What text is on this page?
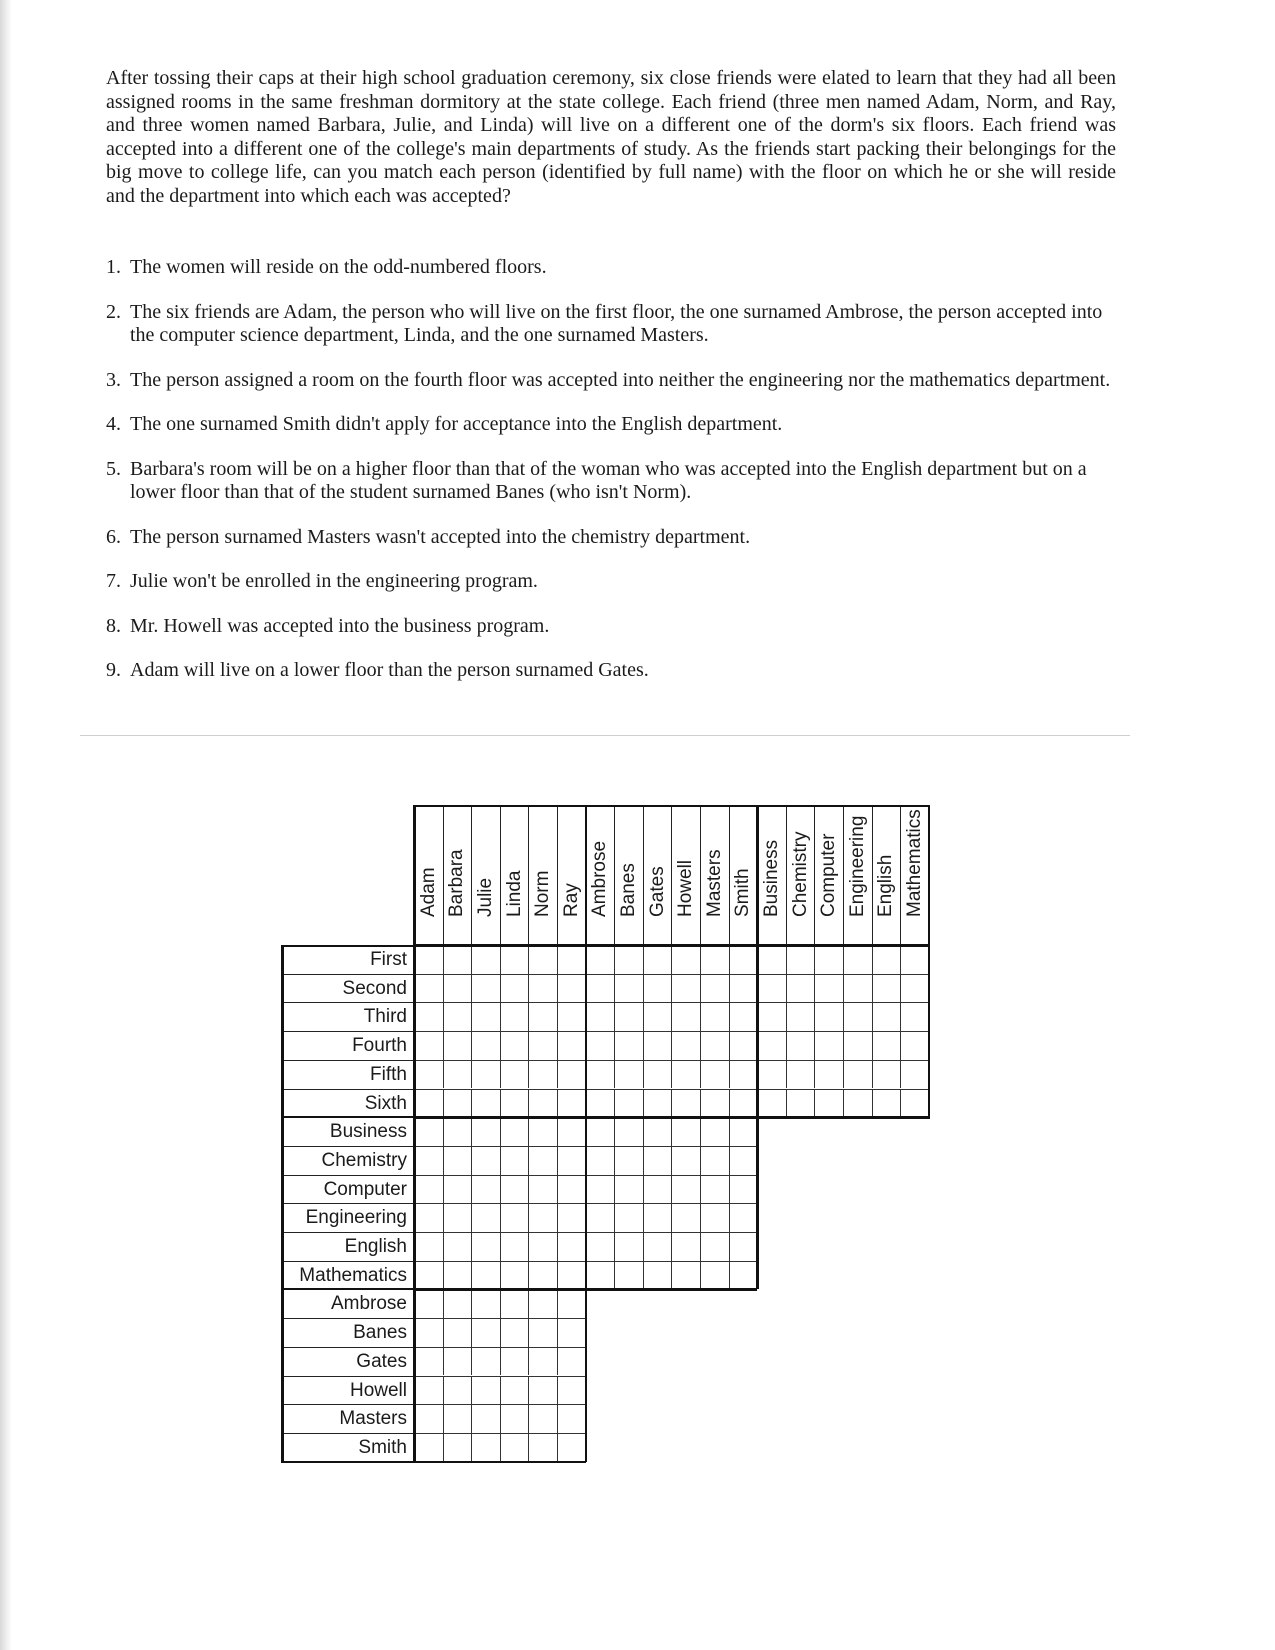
After tossing their caps at their high school graduation ceremony, six close friends were elated to learn that they had all been assigned rooms in the same freshman dormitory at the state college. Each friend (three men named Adam, Norm, and Ray, and three women named Barbara, Julie, and Linda) will live on a different one of the dorm's six floors. Each friend was accepted into a different one of the college's main departments of study. As the friends start packing their belongings for the big move to college life, can you match each person (identified by full name) with the floor on which he or she will reside and the department into which each was accepted?

1. The women will reside on the odd-numbered floors.
2. The six friends are Adam, the person who will live on the first floor, the one surnamed Ambrose, the person accepted into the computer science department, Linda, and the one surnamed Masters.
3. The person assigned a room on the fourth floor was accepted into neither the engineering nor the mathematics department.
4. The one surnamed Smith didn't apply for acceptance into the English department.
5. Barbara's room will be on a higher floor than that of the woman who was accepted into the English department but on a lower floor than that of the student surnamed Banes (who isn't Norm).
6. The person surnamed Masters wasn't accepted into the chemistry department.
7. Julie won't be enrolled in the engineering program.
8. Mr. Howell was accepted into the business program.
9. Adam will live on a lower floor than the person surnamed Gates.
Adam Barbara Julie Linda Norm Ray Ambrose Banes Gates Howell Masters Smith Business Chemistry Computer Engineering English Mathematics
First
Second
Third
Fourth
Fifth
Sixth
Business
Chemistry
Computer
Engineering
English
Mathematics
Ambrose
Banes
Gates
Howell
Masters
Smith
